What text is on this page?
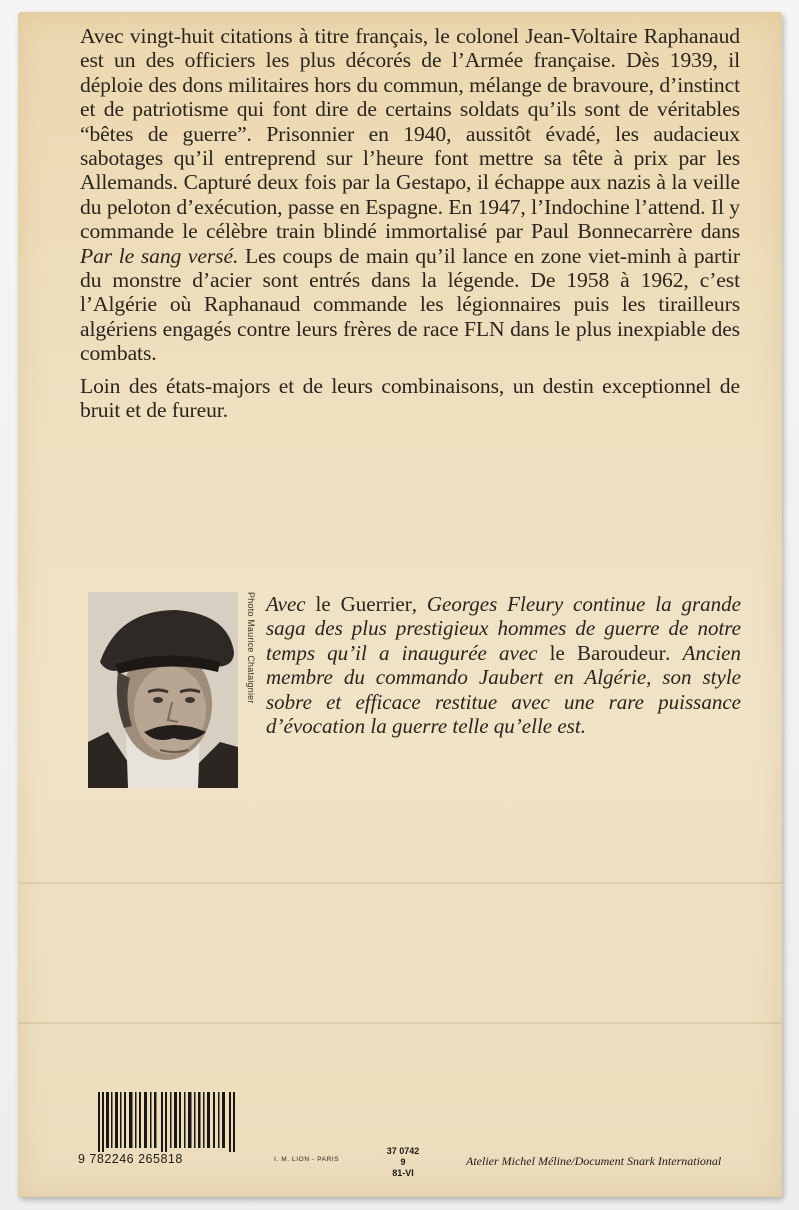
Avec vingt-huit citations à titre français, le colonel Jean-Voltaire Raphanaud est un des officiers les plus décorés de l’Armée française. Dès 1939, il déploie des dons militaires hors du commun, mélange de bravoure, d’instinct et de patriotisme qui font dire de certains soldats qu’ils sont de véritables “bêtes de guerre”. Prisonnier en 1940, aussitôt évadé, les audacieux sabotages qu’il entreprend sur l’heure font mettre sa tête à prix par les Allemands. Capturé deux fois par la Gestapo, il échappe aux nazis à la veille du peloton d’exécution, passe en Espagne. En 1947, l’Indochine l’attend. Il y commande le célèbre train blindé immortalisé par Paul Bonnecarrère dans Par le sang versé. Les coups de main qu’il lance en zone viet-minh à partir du monstre d’acier sont entrés dans la légende. De 1958 à 1962, c’est l’Algérie où Raphanaud commande les légionnaires puis les tirailleurs algériens engagés contre leurs frères de race FLN dans le plus inexpiable des combats.

Loin des états-majors et de leurs combinaisons, un destin exceptionnel de bruit et de fureur.

Photo Maurice Chataignier Avec le Guerrier, Georges Fleury continue la grande saga des plus prestigieux hommes de guerre de notre temps qu’il a inaugurée avec le Baroudeur. Ancien membre du commando Jaubert en Algérie, son style sobre et efficace restitue avec une rare puissance d’évocation la guerre telle qu’elle est.
9 782246 265818	I. M. LION - PARIS
37 0742 9
81-VI
Atelier Michel Méline/Document Snark International
